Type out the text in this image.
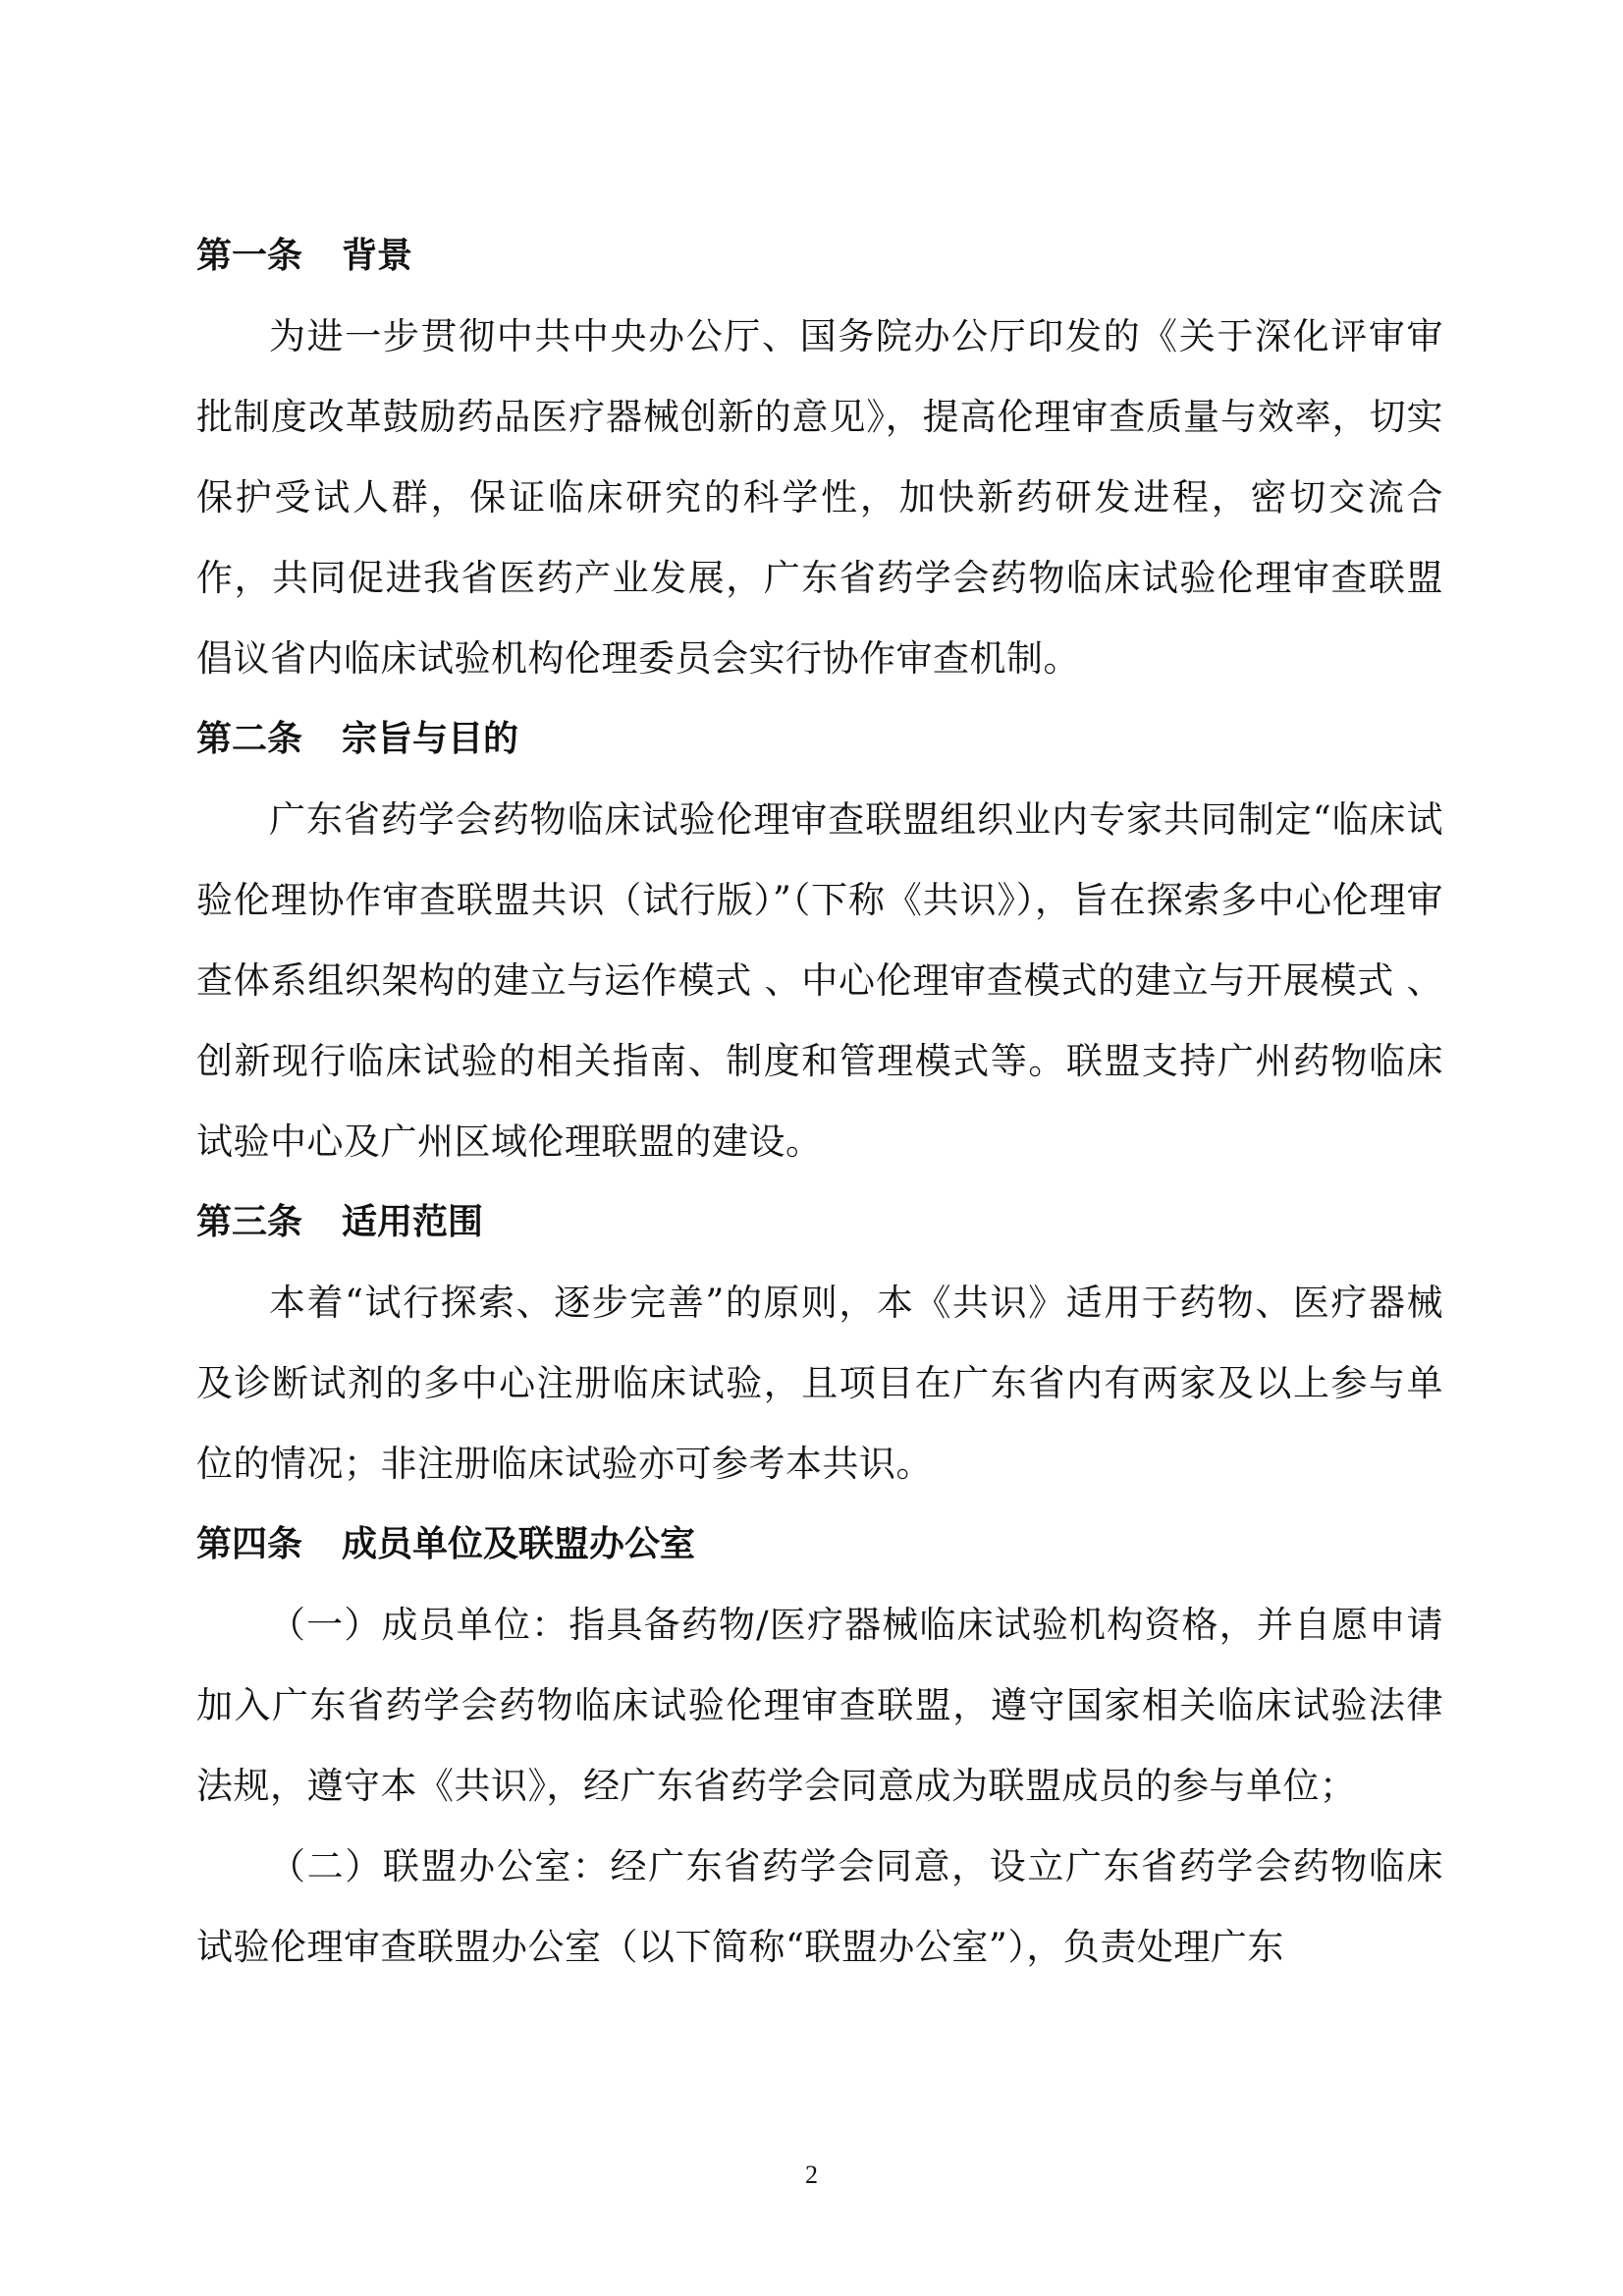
第一条 背景

为进一步贯彻中共中央办公厅、国务院办公厅印发的《关于深化评审审批制度改革鼓励药品医疗器械创新的意见》，提高伦理审查质量与效率，切实保护受试人群，保证临床研究的科学性，加快新药研发进程，密切交流合作，共同促进我省医药产业发展，广东省药学会药物临床试验伦理审查联盟倡议省内临床试验机构伦理委员会实行协作审查机制。

第二条 宗旨与目的

广东省药学会药物临床试验伦理审查联盟组织业内专家共同制定“临床试验伦理协作审查联盟共识（试行版）”（下称《共识》），旨在探索多中心伦理审查体系组织架构的建立与运作模式 、中心伦理审查模式的建立与开展模式 、创新现行临床试验的相关指南、制度和管理模式等。联盟支持广州药物临床试验中心及广州区域伦理联盟的建设。

第三条 适用范围

本着“试行探索、逐步完善”的原则，本《共识》适用于药物、医疗器械及诊断试剂的多中心注册临床试验，且项目在广东省内有两家及以上参与单位的情况；非注册临床试验亦可参考本共识。

第四条 成员单位及联盟办公室

（一）成员单位：指具备药物/医疗器械临床试验机构资格，并自愿申请加入广东省药学会药物临床试验伦理审查联盟，遵守国家相关临床试验法律法规，遵守本《共识》，经广东省药学会同意成为联盟成员的参与单位；

（二）联盟办公室：经广东省药学会同意，设立广东省药学会药物临床试验伦理审查联盟办公室（以下简称“联盟办公室”），负责处理广东

2
